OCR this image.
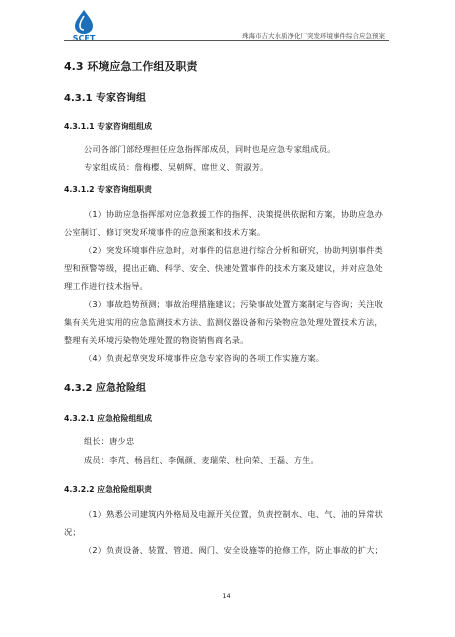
SCET	珠海市吉大水质净化厂突发环境事件综合应急预案
4.3 环境应急工作组及职责
4.3.1 专家咨询组
4.3.1.1 专家咨询组组成
公司各部门部经理担任应急指挥部成员，同时也是应急专家组成员。
专家组成员：詹梅樱、吴朝辉、席世义、贺淑芳。
4.3.1.2 专家咨询组职责
（1）协助应急指挥部对应急救援工作的指挥、决策提供依据和方案，协助应急办公室制订、修订突发环境事件的应急预案和技术方案。
（2）突发环境事件应急时，对事件的信息进行综合分析和研究，协助判别事件类型和预警等级，提出正确、科学、安全、快速处置事件的技术方案及建议，并对应急处理工作进行技术指导。
（3）事故趋势预测；事故治理措施建议；污染事故处置方案制定与咨询；关注收集有关先进实用的应急监测技术方法、监测仪器设备和污染物应急处理处置技术方法，整理有关环境污染物处理处置的物资销售商名录。
（4）负责起草突发环境事件应急专家咨询的各项工作实施方案。
4.3.2 应急抢险组
4.3.2.1 应急抢险组组成
组长：唐少忠
成员：李芃、杨昌红、李佩颜、麦瑞荣、杜向荣、王磊、方生。
4.3.2.2 应急抢险组职责
（1）熟悉公司建筑内外格局及电源开关位置，负责控制水、电、气、油的异常状况；
（2）负责设备、装置、管道、阀门、安全设施等的抢修工作，防止事故的扩大；
14
